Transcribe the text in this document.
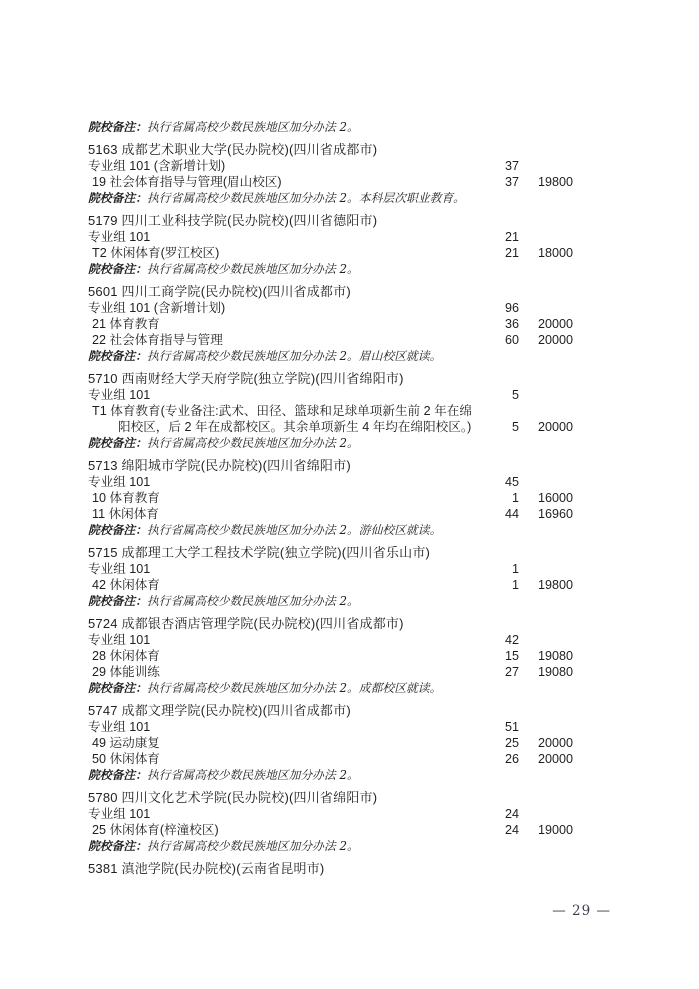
院校备注：执行省属高校少数民族地区加分办法 2。
5163 成都艺术职业大学(民办院校)(四川省成都市)
专业组 101 (含新增计划)	37
19 社会体育指导与管理(眉山校区)	37	19800
院校备注：执行省属高校少数民族地区加分办法 2。本科层次职业教育。
5179 四川工业科技学院(民办院校)(四川省德阳市)
专业组 101	21
T2 休闲体育(罗江校区)	21	18000
院校备注：执行省属高校少数民族地区加分办法 2。
5601 四川工商学院(民办院校)(四川省成都市)
专业组 101 (含新增计划)	96
21 体育教育	36	20000
22 社会体育指导与管理	60	20000
院校备注：执行省属高校少数民族地区加分办法 2。眉山校区就读。
5710 西南财经大学天府学院(独立学院)(四川省绵阳市)
专业组 101	5
T1 体育教育(专业备注:武术、田径、篮球和足球单项新生前 2 年在绵阳校区，后 2 年在成都校区。其余单项新生 4 年均在绵阳校区。)	5	20000
院校备注：执行省属高校少数民族地区加分办法 2。
5713 绵阳城市学院(民办院校)(四川省绵阳市)
专业组 101	45
10 体育教育	1	16000
11 休闲体育	44	16960
院校备注：执行省属高校少数民族地区加分办法 2。游仙校区就读。
5715 成都理工大学工程技术学院(独立学院)(四川省乐山市)
专业组 101	1
42 休闲体育	1	19800
院校备注：执行省属高校少数民族地区加分办法 2。
5724 成都银杏酒店管理学院(民办院校)(四川省成都市)
专业组 101	42
28 休闲体育	15	19080
29 体能训练	27	19080
院校备注：执行省属高校少数民族地区加分办法 2。成都校区就读。
5747 成都文理学院(民办院校)(四川省成都市)
专业组 101	51
49 运动康复	25	20000
50 休闲体育	26	20000
院校备注：执行省属高校少数民族地区加分办法 2。
5780 四川文化艺术学院(民办院校)(四川省绵阳市)
专业组 101	24
25 休闲体育(梓潼校区)	24	19000
院校备注：执行省属高校少数民族地区加分办法 2。
5381 滇池学院(民办院校)(云南省昆明市)
— 29 —
